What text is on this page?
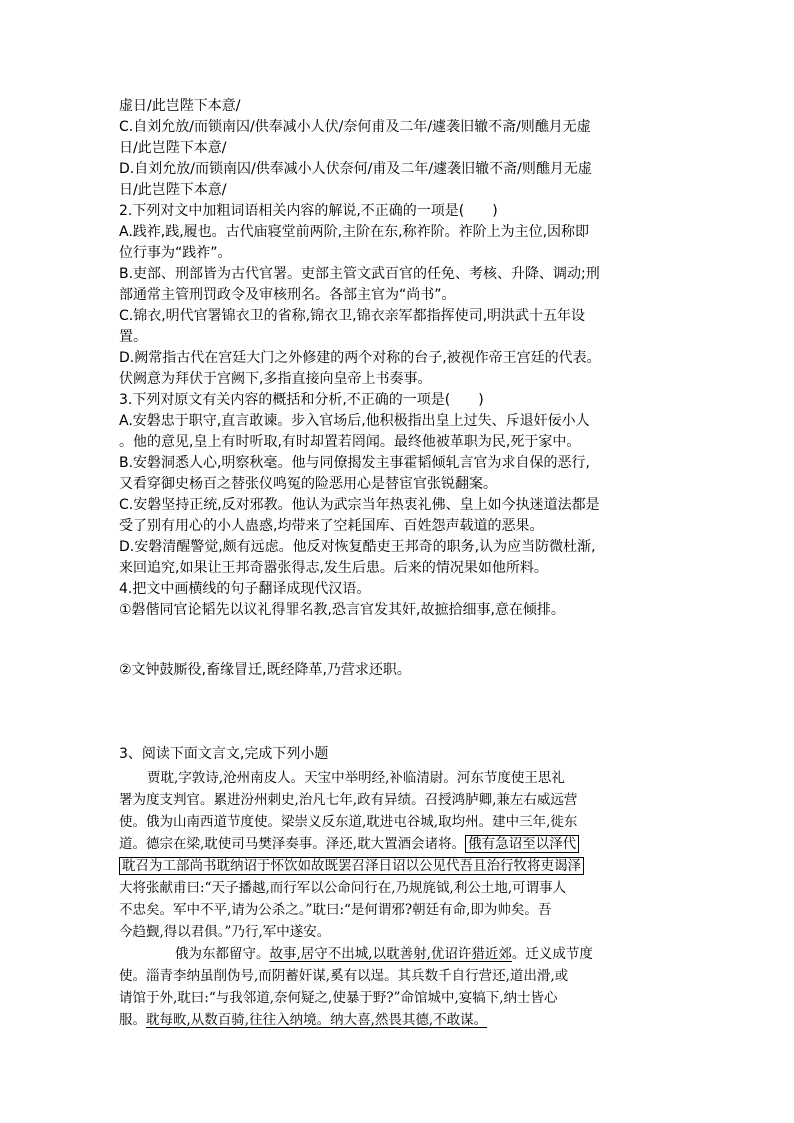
虚日/此岂陛下本意/
C.自刘允放/而锁南囚/供奉减小人伏/奈何甫及二年/遽袭旧辙不斋/则醮月无虚
日/此岂陛下本意/
D.自刘允放/而锁南囚/供奉减小人伏奈何/甫及二年/遽袭旧辙不斋/则醮月无虚
日/此岂陛下本意/
2.下列对文中加粗词语相关内容的解说,不正确的一项是(　　)
A.践祚,践,履也。古代庙寝堂前两阶,主阶在东,称祚阶。祚阶上为主位,因称即
位行事为“践祚”。
B.吏部、刑部皆为古代官署。吏部主管文武百官的任免、考核、升降、调动;刑
部通常主管刑罚政令及审核刑名。各部主官为“尚书”。
C.锦衣,明代官署锦衣卫的省称,锦衣卫,锦衣亲军都指挥使司,明洪武十五年设
置。
D.阙常指古代在宫廷大门之外修建的两个对称的台子,被视作帝王宫廷的代表。
伏阙意为拜伏于宫阙下,多指直接向皇帝上书奏事。
3.下列对原文有关内容的概括和分析,不正确的一项是(　　)
A.安磐忠于职守,直言敢谏。步入官场后,他积极指出皇上过失、斥退奸佞小人
。他的意见,皇上有时听取,有时却置若罔闻。最终他被革职为民,死于家中。
B.安磐洞悉人心,明察秋毫。他与同僚揭发主事霍韬倾轧言官为求自保的恶行,
又看穿御史杨百之替张仪鸣冤的险恶用心是替宦官张锐翻案。
C.安磐坚持正统,反对邪教。他认为武宗当年热衷礼佛、皇上如今执迷道法都是
受了别有用心的小人蛊惑,均带来了空耗国库、百姓怨声载道的恶果。
D.安磐清醒警觉,颇有远虑。他反对恢复酷吏王邦奇的职务,认为应当防微杜渐,
来回追究,如果让王邦奇嚣张得志,发生后患。后来的情况果如他所料。
4.把文中画横线的句子翻译成现代汉语。
①磐偕同官论韬先以议礼得罪名教,恐言官发其奸,故摭拾细事,意在倾排。
②文钟鼓厮役,畜缘冒迁,既经降革,乃营求还职。
3、阅读下面文言文,完成下列小题
贾耽,字敦诗,沧州南皮人。天宝中举明经,补临清尉。河东节度使王思礼
署为度支判官。累进汾州刺史,治凡七年,政有异绩。召授鸿胪卿,兼左右威远营
使。俄为山南西道节度使。梁崇义反东道,耽进屯谷城,取均州。建中三年,徙东
道。德宗在梁,耽使司马樊泽奏事。泽还,耽大置酒会诸将。 俄有急诏至以泽代
耽召为工部尚书耽纳诏于怀饮如故既罢召泽日诏以公见代吾且治行牧将吏谒泽
大将张献甫曰:“天子播越,而行军以公命问行在,乃规旄钺,利公土地,可谓事人
不忠矣。军中不平,请为公杀之。”耽曰:“是何谓邪?朝廷有命,即为帅矣。吾
今趋觐,得以君俱。”乃行,军中遂安。
俄为东都留守。故事,居守不出城,以耽善射,优诏许猎近郊。迁义成节度
使。淄青李纳虽削伪号,而阴蓄奸谋,奚有以逞。其兵数千自行营还,道出滑,或
请馆于外,耽曰:“与我邻道,奈何疑之,使暴于野?”命馆城中,宴犒下,纳士皆心
服。耽每畋,从数百骑,往往入纳境。纳大喜,然畏其德,不敢谋。
